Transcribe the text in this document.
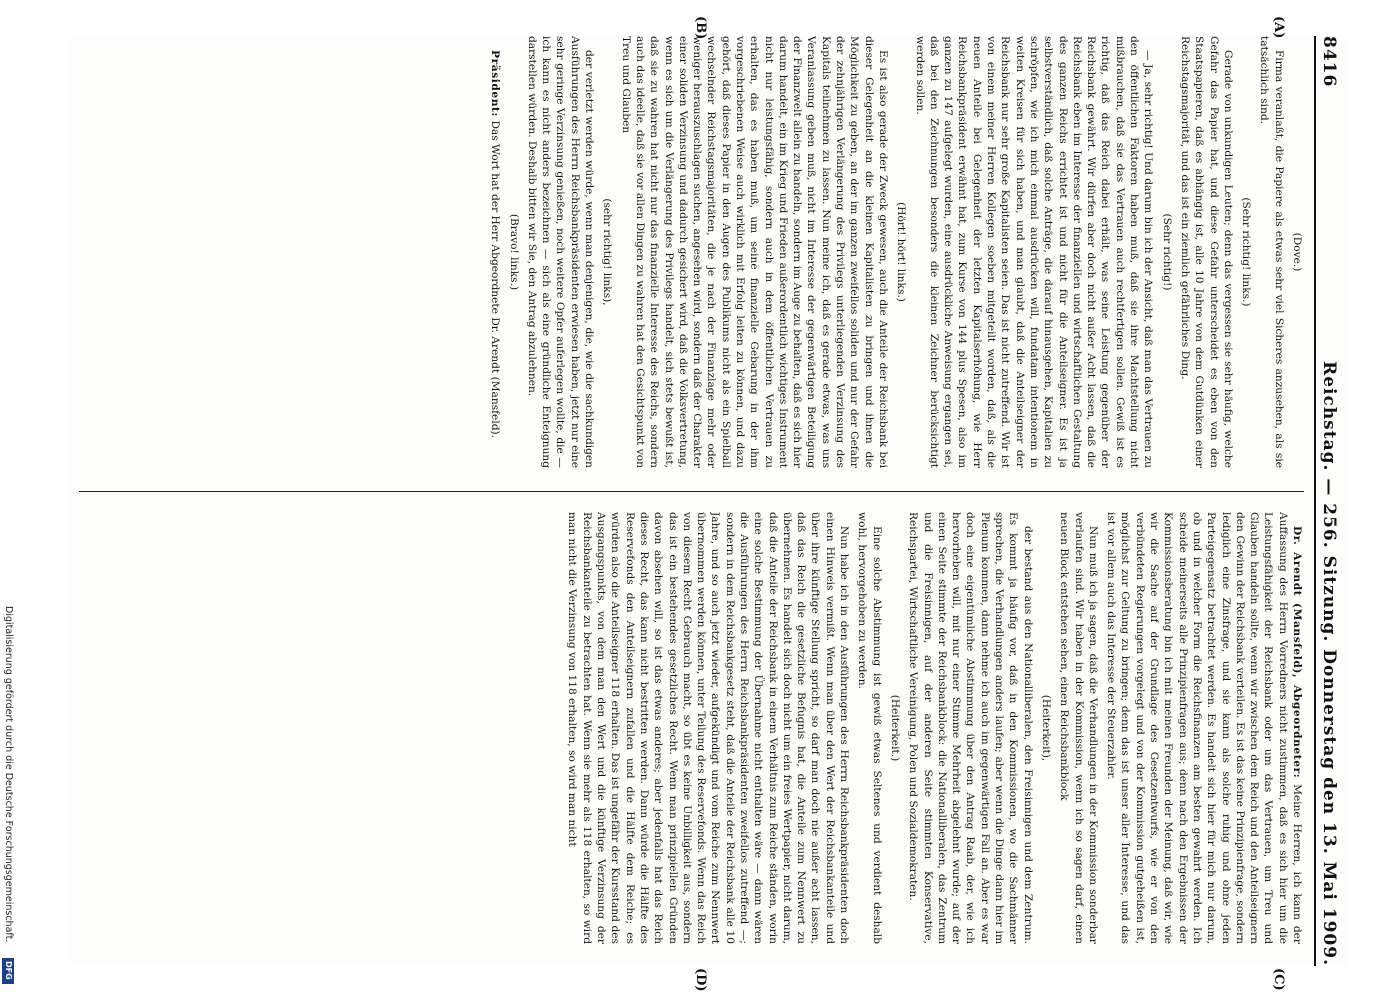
8416
Reichstag. — 256. Sitzung. Donnerstag den 13. Mai 1909.
(A)
(B)
(C)
(D)

(Dove.)

Firma veranlaßt, die Papiere als etwas sehr viel Sicheres anzusehen, als sie tatsächlich sind.

(Sehr richtig! links.)

Gerade von unkundigen Leuten; denn das vergessen sie sehr häufig, welche Gefahr das Papier hat, und diese Gefahr unterscheidet es eben von den Staatspapieren, daß es abhängig ist, alle 10 Jahre von dem Gutdünken einer Reichstagsmajorität, und das ist ein ziemlich gefährliches Ding.

(Sehr richtig!)

— Ja, sehr richtig! Und darum bin ich der Ansicht, daß man das Vertrauen zu den öffentlichen Faktoren haben muß, daß sie ihre Machtstellung nicht mißbrauchen, daß sie das Vertrauen auch rechtfertigen sollen. Gewiß ist es richtig, daß das Reich dabei erhält, was seine Leistung gegenüber der Reichsbank gewährt. Wir dürfen aber doch nicht außer Acht lassen, daß die Reichsbank eben im Interesse der finanziellen und wirtschaftlichen Gestaltung des ganzen Reichs errichtet ist und nicht für die Anteilseigner. Es ist ja selbstverständlich, daß solche Anträge, die darauf hinausgehen, Kapitalien zu schröpfen, wie ich mich einmal ausdrücken will, fundatam intentionem in weiten Kreisen für sich haben, und man glaubt, daß die Anteilseigner der Reichsbank nur sehr große Kapitalisten seien. Das ist nicht zutreffend. Wir ist von einem meiner Herren Kollegen soeben mitgeteilt worden, daß, als die neuen Anteile bei Gelegenheit der letzten Kapitalserhöhung, wie Herr Reichsbankpräsident erwähnt hat, zum Kurse von 144 plus Spesen, also im ganzen zu 147 aufgelegt wurden, eine ausdrückliche Anweisung ergangen sei, daß bei den Zeichnungen besonders die kleinen Zeichner berücksichtigt werden sollen.

(Hört! hört! links.)

Es ist also gerade der Zweck gewesen, auch die Anteile der Reichsbank bei dieser Gelegenheit an die kleinen Kapitalisten zu bringen und ihnen die Möglichkeit zu geben, an der im ganzen zweifellos soliden und nur der Gefahr der zehnjährigen Verlängerung des Privilegs unterliegenden Verzinsung des Kapitals teilnehmen zu lassen. Nun meine ich, daß es gerade etwas, was uns Veranlassung geben muß, nicht im Interesse der gegenwärtigen Beteiligung der Finanzwelt allein zu handeln, sondern im Auge zu behalten, daß es sich hier darum handelt, ein im Krieg und Frieden außerordentlich wichtiges Instrument nicht nur leistungsfähig, sondern auch in dem öffentlichen Vertrauen zu erhalten, das es haben muß, um seine finanzielle Gebarung in der ihm vorgeschriebenen Weise auch wirklich mit Erfolg leiten zu können, und dazu gehört, daß dieses Papier in den Augen des Publikums nicht als ein Spielball wechselnder Reichstagsmajoritäten, die je nach der Finanzlage mehr oder weniger herauszuschlagen suchen, angesehen wird, sondern daß der Charakter einer soliden Verzinsung und dadurch gesichert wird, daß die Volksvertretung, wenn es sich um die Verlängerung des Privilegs handelt, sich stets bewußt ist, daß sie zu wahren hat nicht nur das finanzielle Interesse des Reichs, sondern auch das ideelle, daß sie vor allen Dingen zu wahren hat den Gesichtspunkt von Treu und Glauben

(sehr richtig! links),

der verletzt werden würde, wenn man denjenigen, die, wie die sachkundigen Ausführungen des Herrn Reichsbankpräsidenten erwiesen haben, jetzt nur eine sehr geringe Verzinsung genießen, noch weitere Opfer auferlegen wollte, die — ich kann es nicht anders bezeichnen — sich als eine gründliche Enteignung darstellen würden. Deshalb bitten wir Sie, den Antrag abzulehnen.

(Bravo! links.)

Präsident: Das Wort hat der Herr Abgeordnete Dr. Arendt (Mansfeld).

Dr. Arendt (Mansfeld), Abgeordneter: Meine Herren, ich kann der Auffassung des Herrn Vorredners nicht zustimmen, daß es sich hier um die Leistungsfähigkeit der Reichsbank oder um das Vertrauen, um Treu und Glauben handeln sollte, wenn wir zwischen dem Reich und den Anteilseignern den Gewinn der Reichsbank verteilen. Es ist das keine Prinzipienfrage, sondern lediglich eine Zinsfrage, und sie kann als solche ruhig und ohne jeden Parteigegensatz betrachtet werden. Es handelt sich hier für mich nur darum, ob und in welcher Form die Reichsfinanzen am besten gewahrt werden. Ich scheide meinerseits alle Prinzipienfragen aus; denn nach den Ergebnissen der Kommissionsberatung bin ich mit meinen Freunden der Meinung, daß wir, wie wir die Sache auf der Grundlage des Gesetzentwurfs, wie er von den verbündeten Regierungen vorgelegt und von der Kommission gutgeheißen ist, möglichst zur Geltung zu bringen; denn das ist unser aller Interesse, und das ist vor allem auch das Interesse der Steuerzahler.

Nun muß ich ja sagen, daß die Verhandlungen in der Kommission sonderbar verlaufen sind. Wir haben in der Kommission, wenn ich so sagen darf, einen neuen Block entstehen sehen, einen Reichsbankblock

(Heiterkeit),

der bestand aus den Nationalliberalen, den Freisinnigen und dem Zentrum. Es kommt ja häufig vor, daß in den Kommissionen, wo die Sachmänner sprechen, die Verhandlungen anders laufen; aber wenn die Dinge dann hier im Plenum kommen, dann nehme ich auch im gegenwärtigen Fall an. Aber es war doch eine eigentümliche Abstimmung über den Antrag Raab, der, wie ich hervorheben will, mit nur einer Stimme Mehrheit abgelehnt wurde; auf der einen Seite stimmte der Reichsbankblock: die Nationalliberalen, das Zentrum und die Freisinnigen, auf der anderen Seite stimmten Konservative, Reichspartei, Wirtschaftliche Vereinigung, Polen und Sozialdemokraten.

(Heiterkeit.)

Eine solche Abstimmung ist gewiß etwas Seltenes und verdient deshalb wohl, hervorgehoben zu werden.

Nun habe ich in den Ausführungen des Herrn Reichsbankpräsidenten doch einen Hinweis vermißt. Wenn man über den Wert der Reichsbankanteile und über ihre künftige Stellung spricht, so darf man doch nie außer acht lassen, daß das Reich die gesetzliche Befugnis hat, die Anteile zum Nennwert zu übernehmen. Es handelt sich doch nicht um ein freies Wertpapier, nicht darum, daß die Anteile der Reichsbank in einem Verhältnis zum Reiche ständen, worin eine solche Bestimmung der Übernahme nicht enthalten wäre — dann wären die Ausführungen des Herrn Reichsbankpräsidenten zweifellos zutreffend —; sondern in dem Reichsbankgesetz steht, daß die Anteile der Reichsbank alle 10 Jahre, und so auch jetzt wieder, aufgekündigt und vom Reiche zum Nennwert übernommen werden können, unter Teilung des Reservefonds. Wenn das Reich von diesem Recht Gebrauch macht, so übt es keine Unbilligkeit aus, sondern das ist ein bestehendes gesetzliches Recht. Wenn man prinzipiellen Gründen davon absehen will, so ist das etwas anderes; aber jedenfalls hat das Reich dieses Recht, das kann nicht bestritten werden. Dann würde die Hälfte des Reservefonds den Anteilseignern zufallen und die Hälfte dem Reiche; es würden also die Anteilseigner 118 erhalten. Das ist ungefähr der Kursstand des Ausgangspunkts, von dem man den Wert und die künftige Verzinsung der Reichsbankanteile zu betrachten hat. Wenn sie mehr als 118 erhalten, so wird man nicht die Verzinsung von 118 erhalten, so wird man nicht

Digitalisierung gefördert durch die Deutsche Forschungsgemeinschaft.
DFG
